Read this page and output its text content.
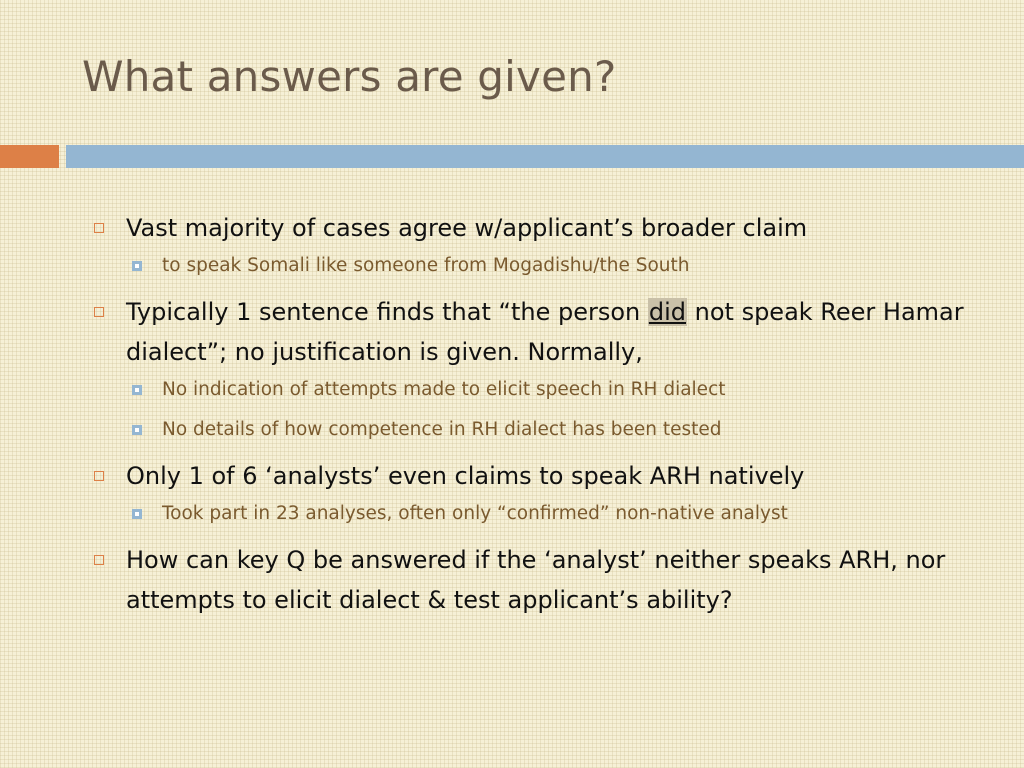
What answers are given?
Vast majority of cases agree w/applicant’s broader claim
to speak Somali like someone from Mogadishu/the South
Typically 1 sentence finds that “the person did not speak Reer Hamar dialect”; no justification is given. Normally,
No indication of attempts made to elicit speech in RH dialect
No details of how competence in RH dialect has been tested
Only 1 of 6 ‘analysts’ even claims to speak ARH natively
Took part in 23 analyses, often only “confirmed” non-native analyst
How can key Q be answered if the ‘analyst’ neither speaks ARH, nor attempts to elicit dialect & test applicant’s ability?
